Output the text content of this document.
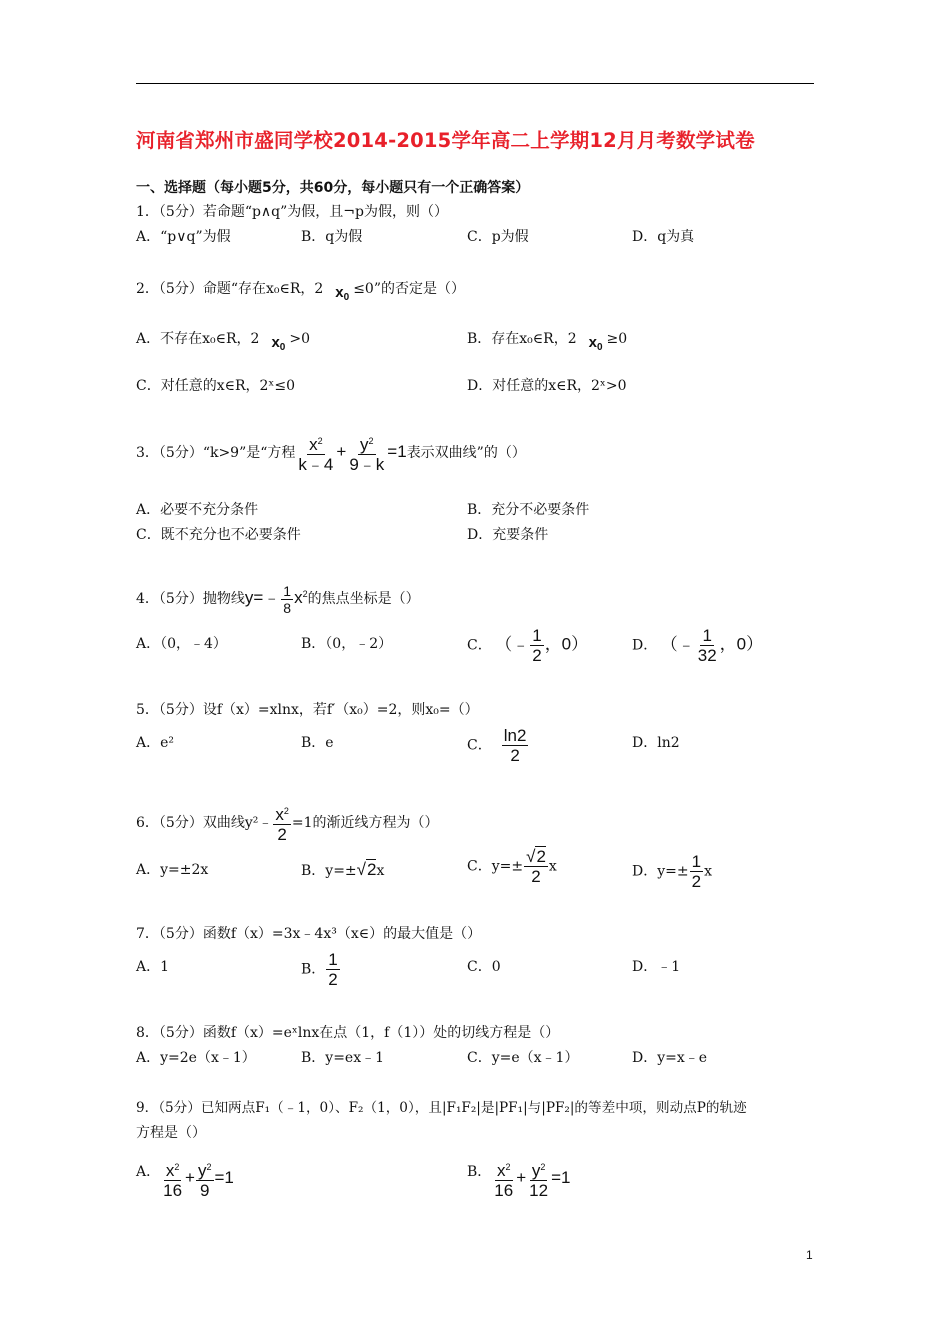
河南省郑州市盛同学校2014-2015学年高二上学期12月月考数学试卷
一、选择题（每小题5分，共60分，每小题只有一个正确答案）
1．（5分）若命题“p∧q”为假，且¬p为假，则（）
A．“p∨q”为假	B．q为假	C．p为假	D．q为真
2．（5分）命题“存在x₀∈R，2 $x_0\le 0$”的否定是（）
A．不存在x₀∈R，2 $x_0>0$	B．存在x₀∈R，2 $x_0\ge 0$
C．对任意的x∈R，2ˣ≤0	D．对任意的x∈R，2ˣ>0
3．（5分）“k>9”是“方程 $\frac{x^2}{k﹣4} + \frac{y^2}{9﹣k} =1$表示双曲线”的（）
A．必要不充分条件	B．充分不必要条件
C．既不充分也不必要条件	D．充要条件
4．（5分）抛物线y=﹣ $\frac{1}{8} x^2$的焦点坐标是（）
A．（0，﹣4）	B．（0，﹣2）	C． （﹣ $\frac{1}{2}$ ，0）	D． （﹣ $\frac{1}{32}$ ，0）
5．（5分）设f（x）=xlnx，若f′（x₀）=2，则x₀=（）
A．e²	B．e	C． $\frac{\ln 2}{2}$	D．ln2
6．（5分）双曲线y²﹣ $\frac{x^2}{2} =1$的渐近线方程为（）
A．y=±2x	B．y=±√2x	C．$y=\pm \frac{√2}{2}$ x	D．$y=\pm \frac{1}{2}$ x
7．（5分）函数f（x）=3x﹣4x³（x∈）的最大值是（）
A．1	B． $\frac{1}{2}$	C．0	D．﹣1
8．（5分）函数f（x）=eˣlnx在点（1，f（1））处的切线方程是（）
A．y=2e（x﹣1）	B．y=ex﹣1	C．y=e（x﹣1）	D．y=x﹣e
9．（5分）已知两点F₁（﹣1，0）、F₂（1，0），且|F₁F₂|是|PF₁|与|PF₂|的等差中项，则动点P的轨迹
方程是（）
A． $\frac{x^2}{16} + \frac{y^2}{9} =1$	B． $\frac{x^2}{16} + \frac{y^2}{12} =1$
1
